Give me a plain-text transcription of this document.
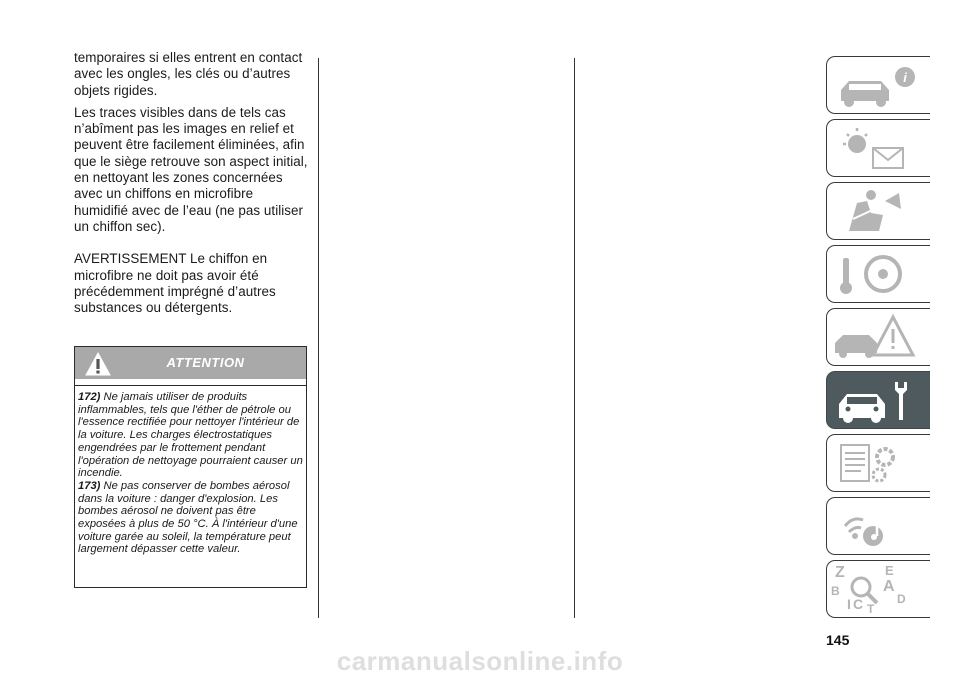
temporaires si elles entrent en contact avec les ongles, les clés ou d’autres objets rigides.

Les traces visibles dans de tels cas n’abîment pas les images en relief et peuvent être facilement éliminées, afin que le siège retrouve son aspect initial, en nettoyant les zones concernées avec un chiffons en microfibre humidifié avec de l’eau (ne pas utiliser un chiffon sec).

AVERTISSEMENT Le chiffon en microfibre ne doit pas avoir été précédemment imprégné d’autres substances ou détergents.

ATTENTION
172) Ne jamais utiliser de produits inflammables, tels que l'éther de pétrole ou l'essence rectifiée pour nettoyer l'intérieur de la voiture. Les charges électrostatiques engendrées par le frottement pendant l'opération de nettoyage pourraient causer un incendie.
173) Ne pas conserver de bombes aérosol dans la voiture : danger d'explosion. Les bombes aérosol ne doivent pas être exposées à plus de 50 °C. À l'intérieur d'une voiture garée au soleil, la température peut largement dépasser cette valeur.
i
Z	E
A
B
D
I C T
145
carmanualsonline.info
